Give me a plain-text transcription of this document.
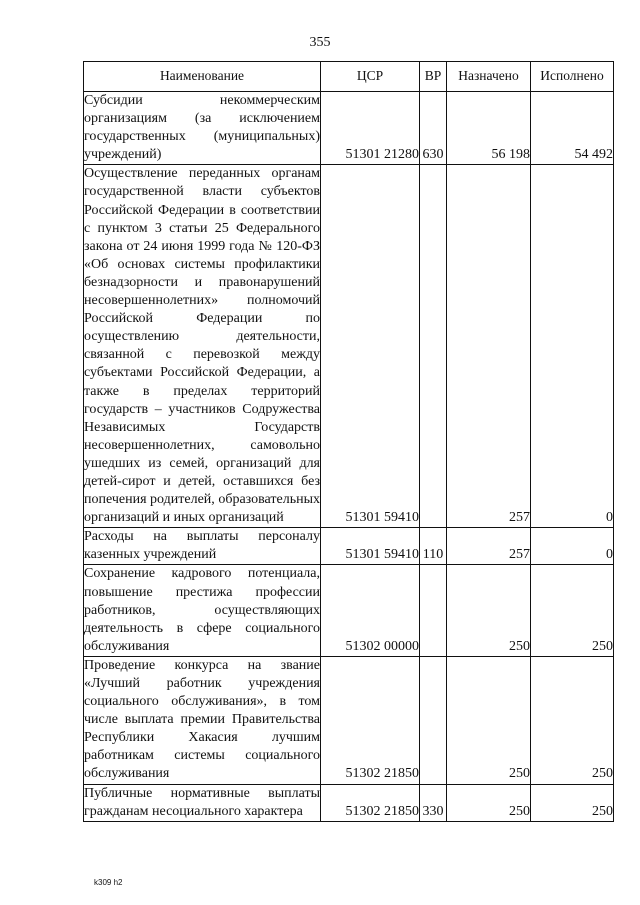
355
Наименование	ЦСР	ВР	Назначено	Исполнено

Субсидии некоммерческим организациям (за исключением государственных (муниципальных) учреждений)	51301 21280	630	56 198	54 492

Осуществление переданных органам государственной власти субъектов Российской Федерации в соответствии с пунктом 3 статьи 25 Федерального закона от 24 июня 1999 года № 120-ФЗ «Об основах системы профилактики безнадзорности и правонарушений несовершеннолетних» полномочий Российской Федерации по осуществлению деятельности, связанной с перевозкой между субъектами Российской Федерации, а также в пределах территорий государств – участников Содружества Независимых Государств несовершеннолетних, самовольно ушедших из семей, организаций для детей-сирот и детей, оставшихся без попечения родителей, образовательных организаций и иных организаций	51301 59410		257	0

Расходы на выплаты персоналу казенных учреждений	51301 59410	110	257	0

Сохранение кадрового потенциала, повышение престижа профессии работников, осуществляющих деятельность в сфере социального обслуживания	51302 00000		250	250

Проведение конкурса на звание «Лучший работник учреждения социального обслуживания», в том числе выплата премии Правительства Республики Хакасия лучшим работникам системы социального обслуживания	51302 21850		250	250

Публичные нормативные выплаты гражданам несоциального характера	51302 21850	330	250	250
k309 h2
